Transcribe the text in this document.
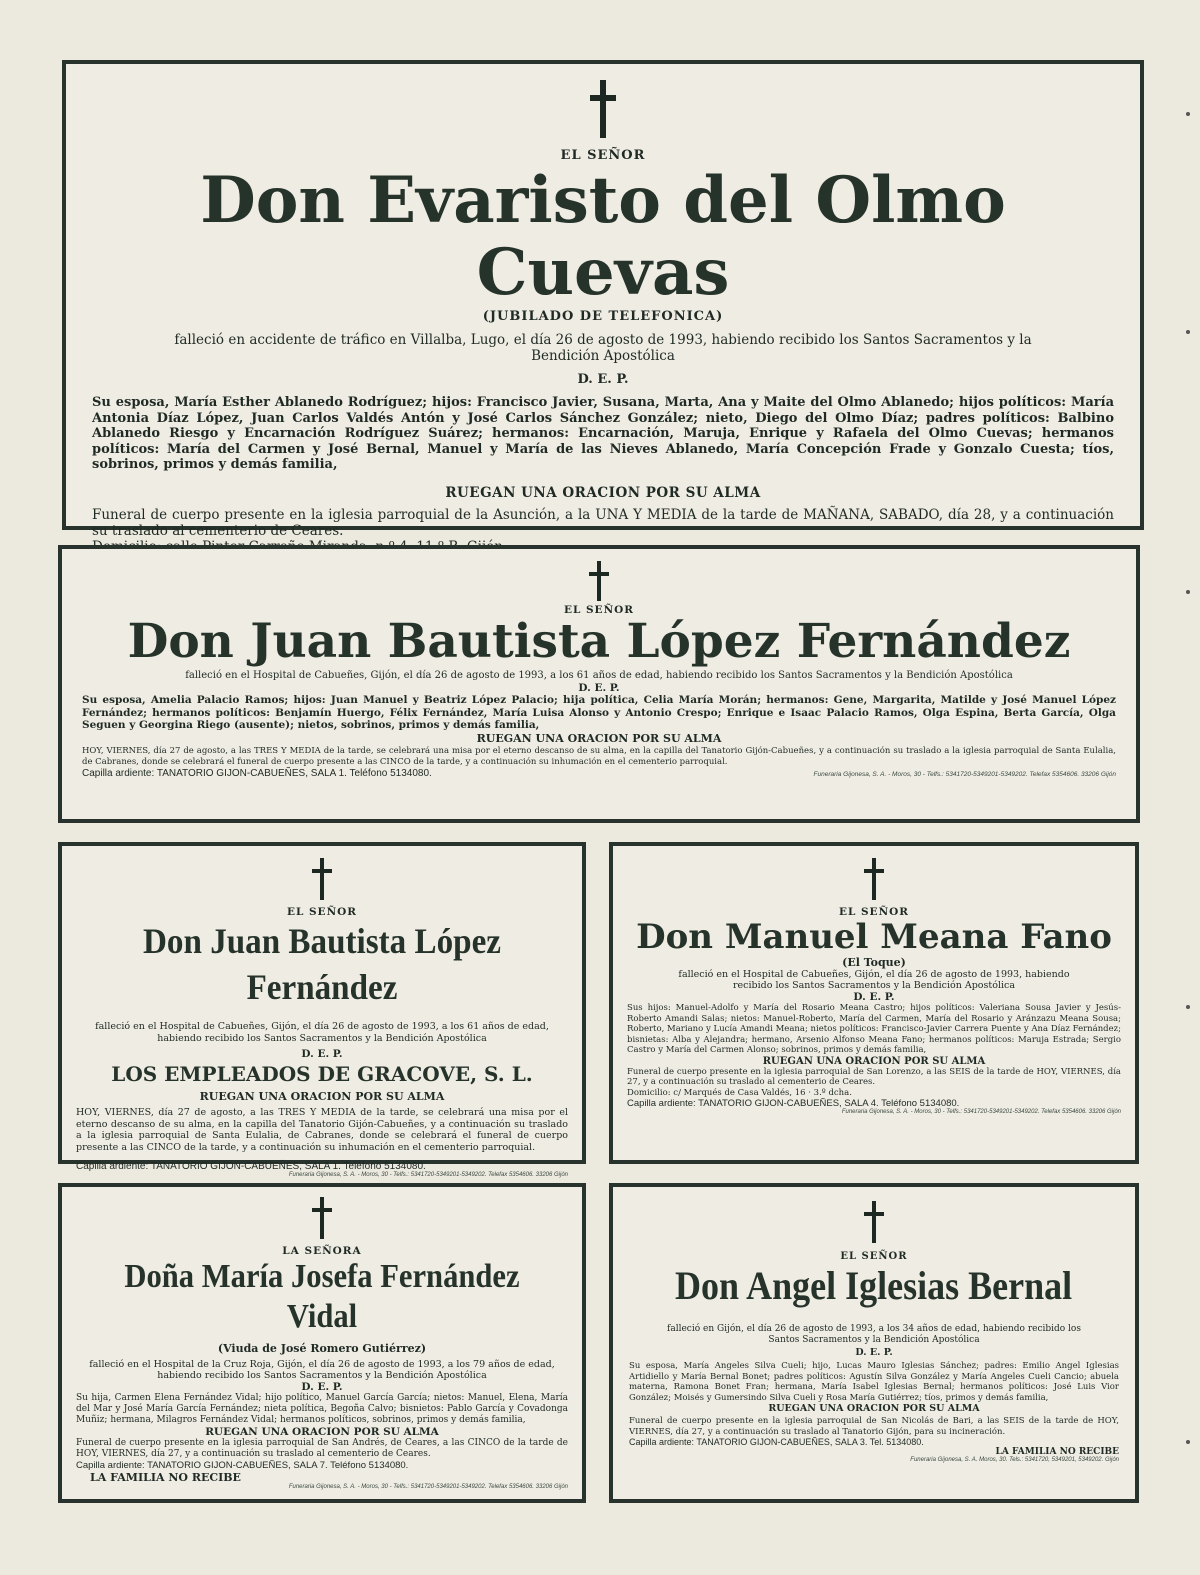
EL SEÑOR

Don Evaristo del Olmo Cuevas

(JUBILADO DE TELEFONICA)

falleció en accidente de tráfico en Villalba, Lugo, el día 26 de agosto de 1993, habiendo recibido los Santos Sacramentos y la Bendición Apostólica

D. E. P.

Su esposa, María Esther Ablanedo Rodríguez; hijos: Francisco Javier, Susana, Marta, Ana y Maite del Olmo Ablanedo; hijos políticos: María Antonia Díaz López, Juan Carlos Valdés Antón y José Carlos Sánchez González; nieto, Diego del Olmo Díaz; padres políticos: Balbino Ablanedo Riesgo y Encarnación Rodríguez Suárez; hermanos: Encarnación, Maruja, Enrique y Rafaela del Olmo Cuevas; hermanos políticos: María del Carmen y José Bernal, Manuel y María de las Nieves Ablanedo, María Concepción Frade y Gonzalo Cuesta; tíos, sobrinos, primos y demás familia,

RUEGAN UNA ORACION POR SU ALMA

Funeral de cuerpo presente en la iglesia parroquial de la Asunción, a la UNA Y MEDIA de la tarde de MAÑANA, SABADO, día 28, y a continuación su traslado al cementerio de Ceares.

EL SEÑOR

Don Juan Bautista López Fernández

falleció en el Hospital de Cabueñes, Gijón, el día 26 de agosto de 1993, a los 61 años de edad, habiendo recibido los Santos Sacramentos y la Bendición Apostólica

D. E. P.

Su esposa, Amelia Palacio Ramos; hijos: Juan Manuel y Beatriz López Palacio; hija política, Celia María Morán; hermanos: Gene, Margarita, Matilde y José Manuel López Fernández; hermanos políticos: Benjamín Huergo, Félix Fernández, María Luisa Alonso y Antonio Crespo; Enrique e Isaac Palacio Ramos, Olga Espina, Berta García, Olga Seguen y Georgina Riego (ausente); nietos, sobrinos, primos y demás familia,

RUEGAN UNA ORACION POR SU ALMA

HOY, VIERNES, día 27 de agosto, a las TRES Y MEDIA de la tarde, se celebrará una misa por el eterno descanso de su alma, en la capilla del Tanatorio Gijón-Cabueñes, y a continuación su traslado a la iglesia parroquial de Santa Eulalia, de Cabranes, donde se celebrará el funeral de cuerpo presente a las CINCO de la tarde, y a continuación su inhumación en el cementerio parroquial.

Capilla ardiente: TANATORIO GIJON-CABUEÑES, SALA 1. Teléfono 5134080.	Funeraria Gijonesa, S. A. - Moros, 30 - Telfs.: 5341720-5349201-5349202. Telefax 5354606. 33206 Gijón

EL SEÑOR

Don Juan Bautista López Fernández

falleció en el Hospital de Cabueñes, Gijón, el día 26 de agosto de 1993, a los 61 años de edad, habiendo recibido los Santos Sacramentos y la Bendición Apostólica

D. E. P.

LOS EMPLEADOS DE GRACOVE, S. L.

RUEGAN UNA ORACION POR SU ALMA

HOY, VIERNES, día 27 de agosto, a las TRES Y MEDIA de la tarde, se celebrará una misa por el eterno descanso de su alma, en la capilla del Tanatorio Gijón-Cabueñes, y a continuación su traslado a la iglesia parroquial de Santa Eulalia, de Cabranes, donde se celebrará el funeral de cuerpo presente a las CINCO de la tarde, y a continuación su inhumación en el cementerio parroquial.

Capilla ardiente: TANATORIO GIJON-CABUEÑES, SALA 1. Teléfono 5134080.

Funeraria Gijonesa, S. A. - Moros, 30 - Telfs.: 5341720-5349201-5349202. Telefax 5354606. 33206 Gijón

EL SEÑOR

Don Manuel Meana Fano

(El Toque)

falleció en el Hospital de Cabueñes, Gijón, el día 26 de agosto de 1993, habiendo recibido los Santos Sacramentos y la Bendición Apostólica

D. E. P.

Sus hijos: Manuel-Adolfo y María del Rosario Meana Castro; hijos políticos: Valeriana Sousa Javier y Jesús-Roberto Amandi Salas; nietos: Manuel-Roberto, María del Carmen, María del Rosario y Aránzazu Meana Sousa; Roberto, Mariano y Lucía Amandi Meana; nietos políticos: Francisco-Javier Carrera Puente y Ana Díaz Fernández; bisnietas: Alba y Alejandra; hermano, Arsenio Alfonso Meana Fano; hermanos políticos: Maruja Estrada; Sergio Castro y María del Carmen Alonso; sobrinos, primos y demás familia,

RUEGAN UNA ORACION POR SU ALMA

Funeral de cuerpo presente en la iglesia parroquial de San Lorenzo, a las SEIS de la tarde de HOY, VIERNES, día 27, y a continuación su traslado al cementerio de Ceares.

Domicilio: c/ Marqués de Casa Valdés, 16 · 3.º dcha.

Capilla ardiente: TANATORIO GIJON-CABUEÑES, SALA 4. Teléfono 5134080.

Funeraria Gijonesa, S. A. - Moros, 30 - Telfs.: 5341720-5349201-5349202. Telefax 5354606. 33206 Gijón

LA SEÑORA

Doña María Josefa Fernández Vidal

(Viuda de José Romero Gutiérrez)

falleció en el Hospital de la Cruz Roja, Gijón, el día 26 de agosto de 1993, a los 79 años de edad, habiendo recibido los Santos Sacramentos y la Bendición Apostólica

D. E. P.

Su hija, Carmen Elena Fernández Vidal; hijo político, Manuel García García; nietos: Manuel, Elena, María del Mar y José María García Fernández; nieta política, Begoña Calvo; bisnietos: Pablo García y Covadonga Muñiz; hermana, Milagros Fernández Vidal; hermanos políticos, sobrinos, primos y demás familia,

RUEGAN UNA ORACION POR SU ALMA

Funeral de cuerpo presente en la iglesia parroquial de San Andrés, de Ceares, a las CINCO de la tarde de HOY, VIERNES, día 27, y a continuación su traslado al cementerio de Ceares.

Capilla ardiente: TANATORIO GIJON-CABUEÑES, SALA 7. Teléfono 5134080.

LA FAMILIA NO RECIBE

Funeraria Gijonesa, S. A. - Moros, 30 - Telfs.: 5341720-5349201-5349202. Telefax 5354606. 33206 Gijón

EL SEÑOR

Don Angel Iglesias Bernal

falleció en Gijón, el día 26 de agosto de 1993, a los 34 años de edad, habiendo recibido los Santos Sacramentos y la Bendición Apostólica

D. E. P.

Su esposa, María Angeles Silva Cueli; hijo, Lucas Mauro Iglesias Sánchez; padres: Emilio Angel Iglesias Artidiello y María Bernal Bonet; padres políticos: Agustín Silva González y María Angeles Cueli Cancio; abuela materna, Ramona Bonet Fran; hermana, María Isabel Iglesias Bernal; hermanos políticos: José Luis Vior González; Moisés y Gumersindo Silva Cueli y Rosa María Gutiérrez; tíos, primos y demás familia,

RUEGAN UNA ORACION POR SU ALMA

Funeral de cuerpo presente en la iglesia parroquial de San Nicolás de Bari, a las SEIS de la tarde de HOY, VIERNES, día 27, y a continuación su traslado al Tanatorio Gijón, para su incineración.

Capilla ardiente: TANATORIO GIJON-CABUEÑES, SALA 3. Tel. 5134080.

LA FAMILIA NO RECIBE

Funeraria Gijonesa, S. A. Moros, 30. Tels.: 5341720, 5349201, 5349202. Gijón
